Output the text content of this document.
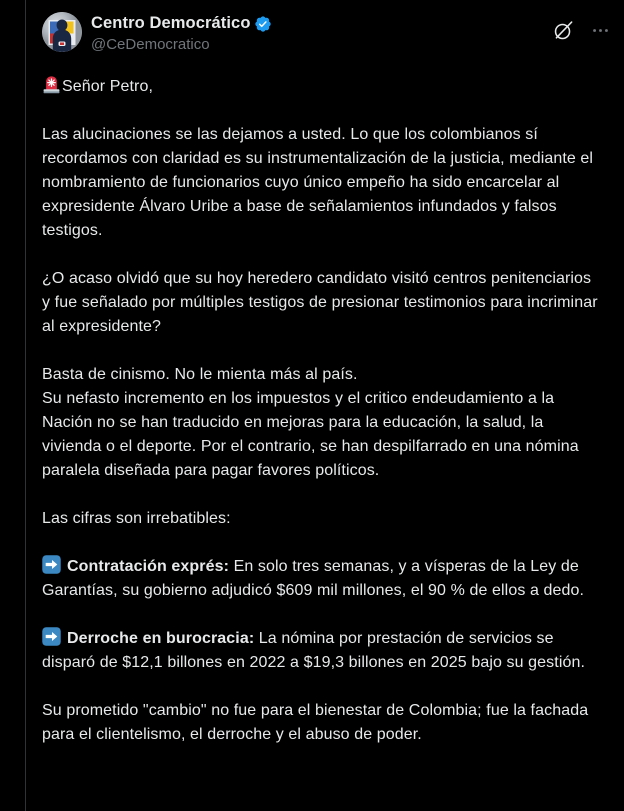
Centro Democrático
@CeDemocratico
Señor Petro,
Las alucinaciones se las dejamos a usted. Lo que los colombianos sí recordamos con claridad es su instrumentalización de la justicia, mediante el nombramiento de funcionarios cuyo único empeño ha sido encarcelar al expresidente Álvaro Uribe a base de señalamientos infundados y falsos testigos.
¿O acaso olvidó que su hoy heredero candidato visitó centros penitenciarios y fue señalado por múltiples testigos de presionar testimonios para incriminar al expresidente?
Basta de cinismo. No le mienta más al país.
Su nefasto incremento en los impuestos y el critico endeudamiento a la Nación no se han traducido en mejoras para la educación, la salud, la vivienda o el deporte. Por el contrario, se han despilfarrado en una nómina paralela diseñada para pagar favores políticos.
Las cifras son irrebatibles:
Contratación exprés: En solo tres semanas, y a vísperas de la Ley de Garantías, su gobierno adjudicó $609 mil millones, el 90 % de ellos a dedo.
Derroche en burocracia: La nómina por prestación de servicios se disparó de $12,1 billones en 2022 a $19,3 billones en 2025 bajo su gestión.
Su prometido "cambio" no fue para el bienestar de Colombia; fue la fachada para el clientelismo, el derroche y el abuso de poder.
